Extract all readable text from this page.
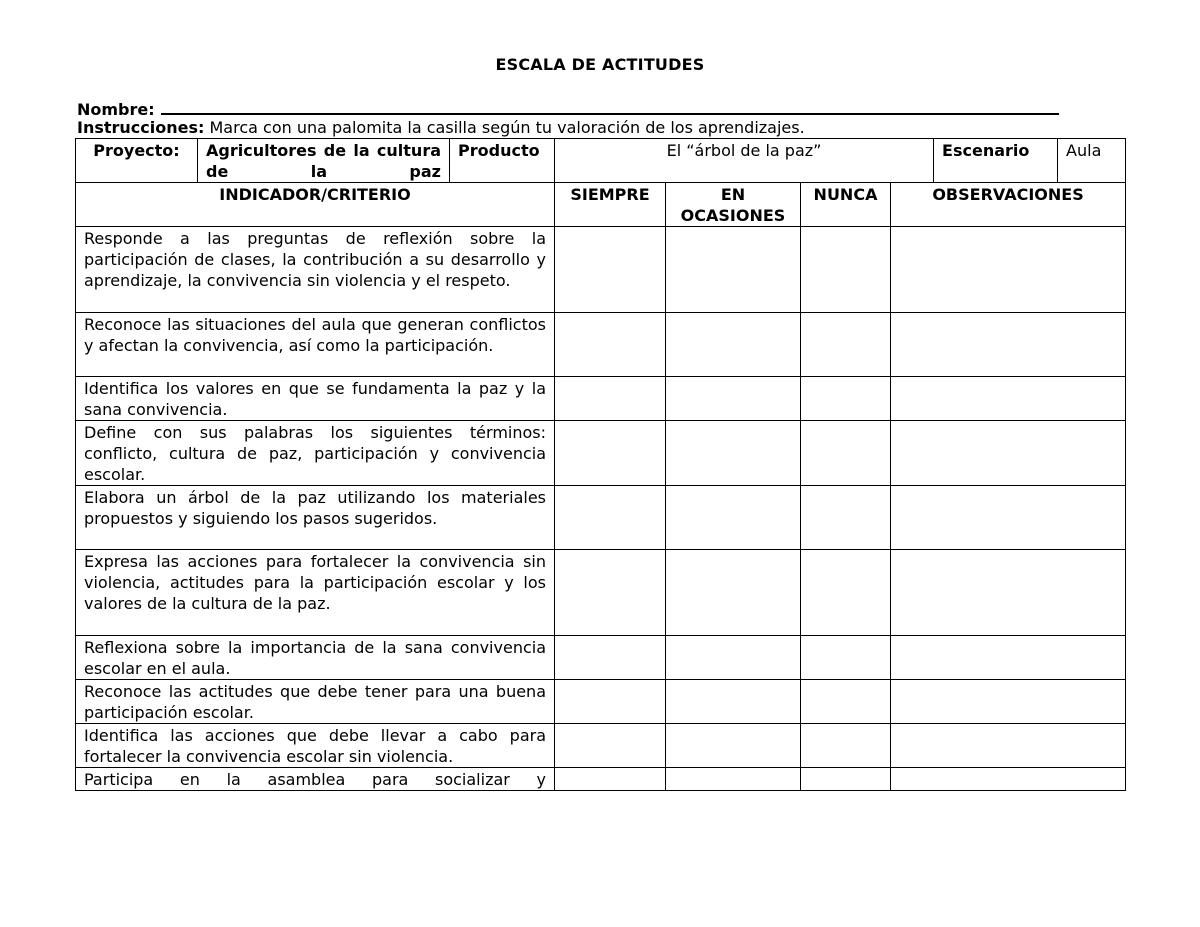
ESCALA DE ACTITUDES
Nombre:
Instrucciones: Marca con una palomita la casilla según tu valoración de los aprendizajes.
Proyecto:	Agricultores de la cultura de la paz	Producto	El “árbol de la paz”				Escenario	Aula
INDICADOR/CRITERIO			SIEMPRE	EN OCASIONES	NUNCA	OBSERVACIONES		
Responde a las preguntas de reflexión sobre la participación de clases, la contribución a su desarrollo y aprendizaje, la convivencia sin violencia y el respeto.								
Reconoce las situaciones del aula que generan conflictos y afectan la convivencia, así como la participación.								
Identifica los valores en que se fundamenta la paz y la sana convivencia.								
Define con sus palabras los siguientes términos: conflicto, cultura de paz, participación y convivencia escolar.								
Elabora un árbol de la paz utilizando los materiales propuestos y siguiendo los pasos sugeridos.								
Expresa las acciones para fortalecer la convivencia sin violencia, actitudes para la participación escolar y los valores de la cultura de la paz.								
Reflexiona sobre la importancia de la sana convivencia escolar en el aula.								
Reconoce las actitudes que debe tener para una buena participación escolar.								
Identifica las acciones que debe llevar a cabo para fortalecer la convivencia escolar sin violencia.								
Participa en la asamblea para socializar y								
